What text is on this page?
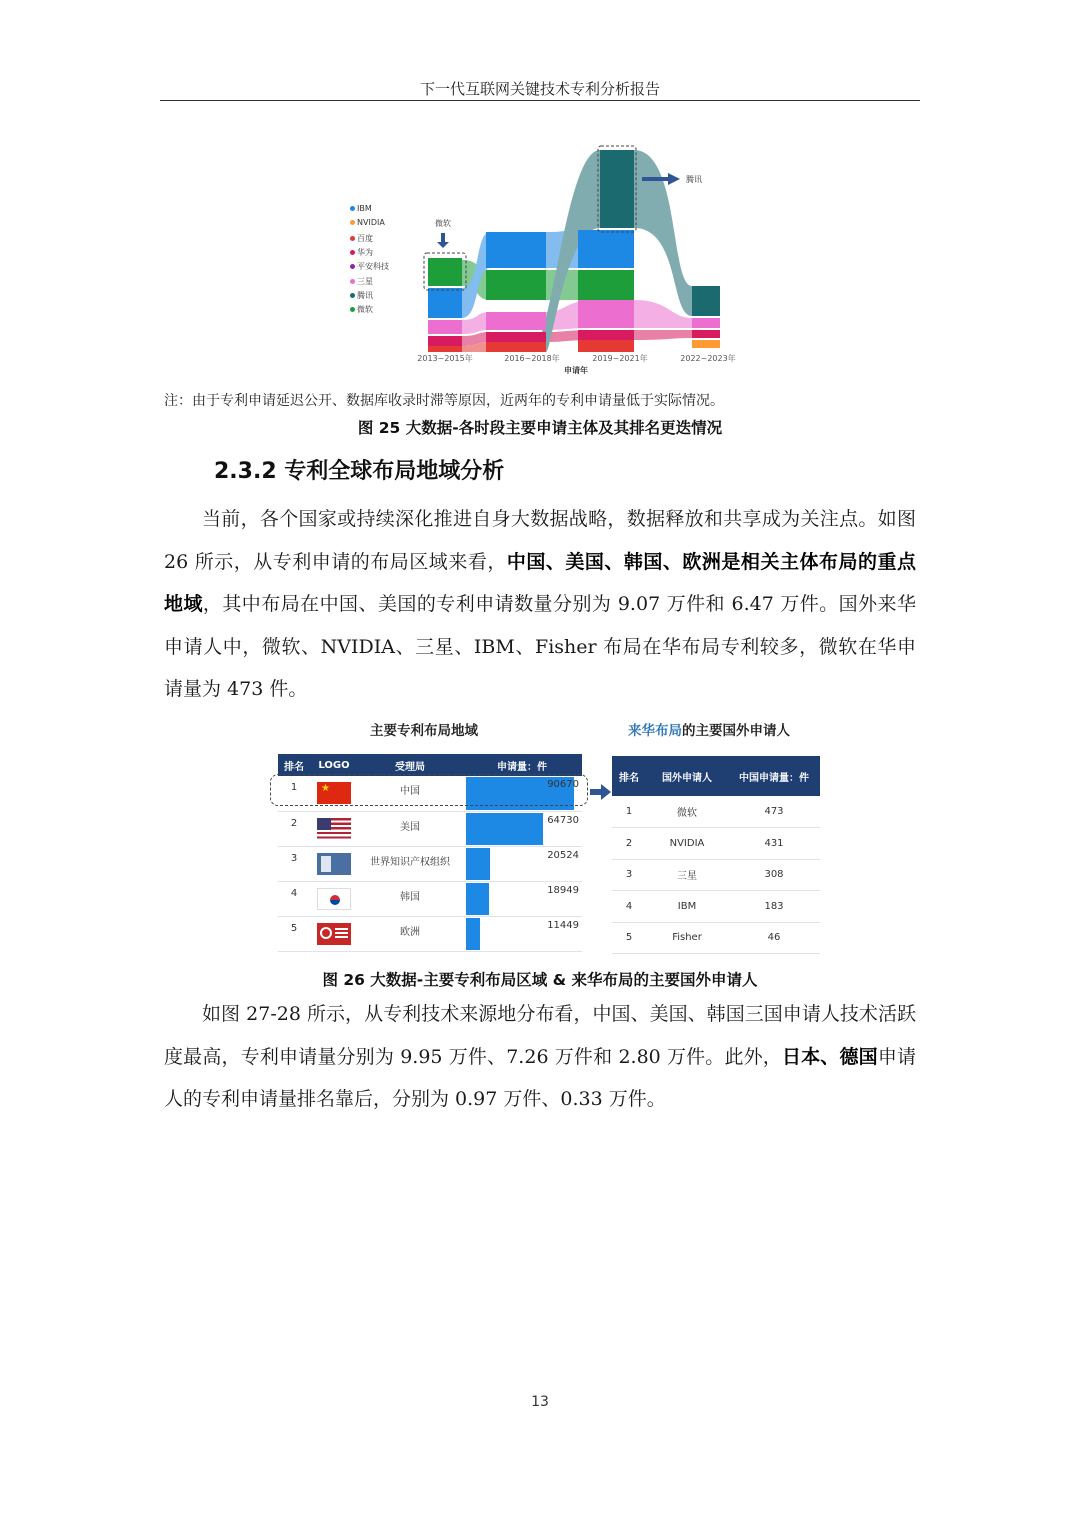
下一代互联网关键技术专利分析报告
IBM
NVIDIA
百度
华为
平安科技
三星
腾讯
微软
微软
腾讯
2013~2015年	2016~2018年	2019~2021年	2022~2023年
申请年
注：由于专利申请延迟公开、数据库收录时滞等原因，近两年的专利申请量低于实际情况。
图 25 大数据-各时段主要申请主体及其排名更迭情况
2.3.2 专利全球布局地域分析
当前，各个国家或持续深化推进自身大数据战略，数据释放和共享成为关注点。如图 26 所示，从专利申请的布局区域来看，中国、美国、韩国、欧洲是相关主体布局的重点地域，其中布局在中国、美国的专利申请数量分别为 9.07 万件和 6.47 万件。国外来华申请人中，微软、NVIDIA、三星、IBM、Fisher 布局在华布局专利较多，微软在华申请量为 473 件。
主要专利布局地域	来华布局的主要国外申请人
排名	LOGO	受理局	申请量：件
1	★	中国	90670

2		美国	64730

3		世界知识产权组织	20524

4		韩国	18949

5		欧洲	11449
排名	国外申请人	中国申请量：件
1	微软	473
2	NVIDIA	431
3	三星	308
4	IBM	183
5	Fisher	46
图 26 大数据-主要专利布局区域 & 来华布局的主要国外申请人
如图 27-28 所示，从专利技术来源地分布看，中国、美国、韩国三国申请人技术活跃度最高，专利申请量分别为 9.95 万件、7.26 万件和 2.80 万件。此外，日本、德国申请人的专利申请量排名靠后，分别为 0.97 万件、0.33 万件。
13
